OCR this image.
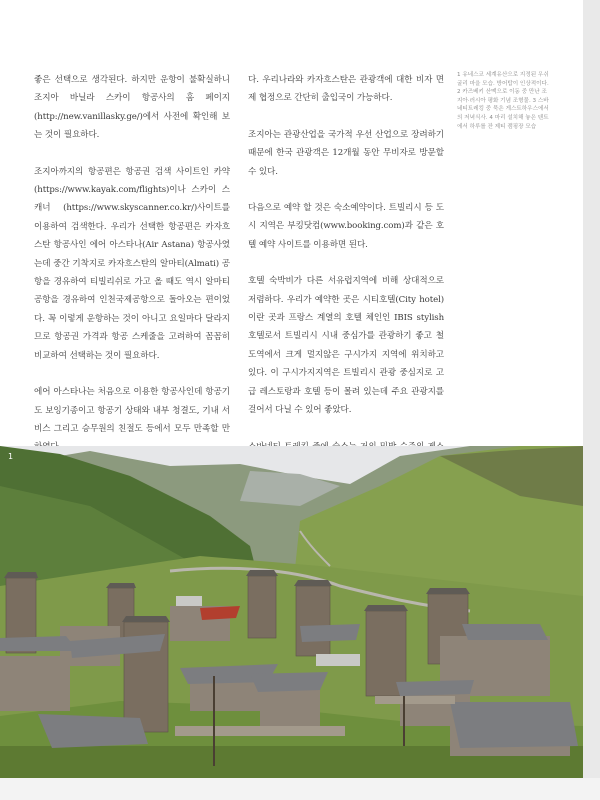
좋은 선택으로 생각된다. 하지만 운항이 불확실하니 조지아 바닐라 스카이 항공사의 홈 페이지(http://new.vanillasky.ge/)에서 사전에 확인해 보는 것이 필요하다.

조지아까지의 항공편은 항공권 검색 사이트인 카약(https://www.kayak.com/flights)이나 스카이 스캐너 (https://www.skyscanner.co.kr/)사이트를 이용하여 검색한다. 우리가 선택한 항공편은 카자흐스탄 항공사인 에어 아스타나(Air Astana) 항공사였는데 중간 기착지로 카자흐스탄의 알마티(Almati) 공항을 경유하여 티빌리쉬로 가고 올 때도 역시 알마티 공항을 경유하여 인천국제공항으로 돌아오는 편이었다. 꼭 이렇게 운항하는 것이 아니고 요일마다 달라지므로 항공권 가격과 항공 스케줄을 고려하여 꼼꼼히 비교하여 선택하는 것이 필요하다.

에어 아스타나는 처음으로 이용한 항공사인데 항공기도 보잉기종이고 항공기 상태와 내부 청결도, 기내 서비스 그리고 승무원의 친절도 등에서 모두 만족할 만

다. 우리나라와 카자흐스탄은 관광객에 대한 비자 면제 협정으로 간단히 출입국이 가능하다.

조지아는 관광산업을 국가적 우선 산업으로 장려하기 때문에 한국 관광객은 12개월 동안 무비자로 방문할 수 있다.

다음으로 예약 할 것은 숙소예약이다. 트빌리시 등 도시 지역은 부킹닷컴(www.booking.com)과 같은 호텔 예약 사이트를 이용하면 된다.

호텔 숙박비가 다른 서유럽지역에 비해 상대적으로 저렴하다. 우리가 예약한 곳은 시티호텔(City hotel)이란 곳과 프랑스 계열의 호텔 체인인 IBIS stylish 호텔로서 트빌리시 시내 중심가를 관광하기 좋고 철도역에서 크게 멀지않은 구시가지 지역에 위치하고 있다. 이 구시가지지역은 트빌리시 관광 중심지로 고급 레스토랑과 호텔 등이 몰려 있는데 주요 관광지를 걸어서 다닐 수 있어 좋았다.

1 유네스코 세계유산으로 지정된 우쉬굴리 마을 모습. 방어탑이 인상적이다. 2 카즈베키 산맥으로 이동 중 만난 조지아·러시아 평화 기념 조형물. 3 스바네티트레킹 중 묵은 게스트하우스에서의 저녁식사. 4 마리 설치해 놓은 텐트에서 하루를 잔 제티 캠핑장 모습
1
